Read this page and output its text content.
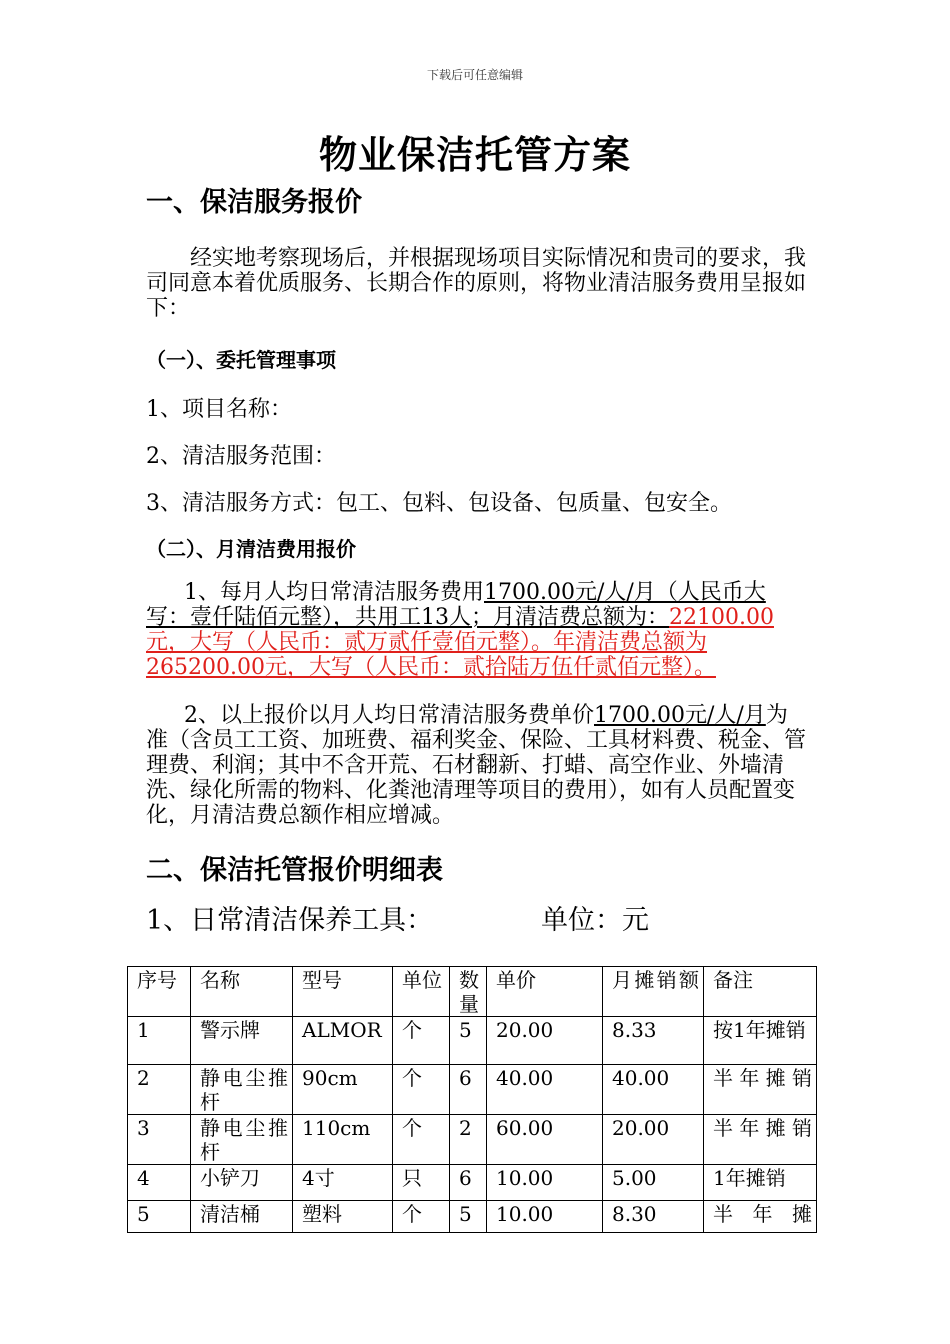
下载后可任意编辑
物业保洁托管方案
一、保洁服务报价
经实地考察现场后，并根据现场项目实际情况和贵司的要求，我司同意本着优质服务、长期合作的原则，将物业清洁服务费用呈报如下：
（一）、委托管理事项
1、项目名称：
2、清洁服务范围：
3、清洁服务方式：包工、包料、包设备、包质量、包安全。
（二）、月清洁费用报价
1、每月人均日常清洁服务费用1700.00元/人/月（人民币大写：壹仟陆佰元整），共用工13人；月清洁费总额为：22100.00元，大写（人民币：贰万贰仟壹佰元整）。年清洁费总额为265200.00元，大写（人民币：贰拾陆万伍仟贰佰元整）。
2、以上报价以月人均日常清洁服务费单价1700.00元/人/月为准（含员工工资、加班费、福利奖金、保险、工具材料费、税金、管理费、利润；其中不含开荒、石材翻新、打蜡、高空作业、外墙清洗、绿化所需的物料、化粪池清理等项目的费用），如有人员配置变化，月清洁费总额作相应增减。
二、保洁托管报价明细表
1、日常清洁保养工具：	单位：元
序号	名称	型号	单位	数量	单价	月摊销额	备注
1	警示牌	ALMOR	个	5	20.00	8.33	按1年摊销
2	静电尘推杆	90cm	个	6	40.00	40.00	半年摊销
3	静电尘推杆	110cm	个	2	60.00	20.00	半年摊销
4	小铲刀	4寸	只	6	10.00	5.00	1年摊销
5	清洁桶	塑料	个	5	10.00	8.30	半年摊
